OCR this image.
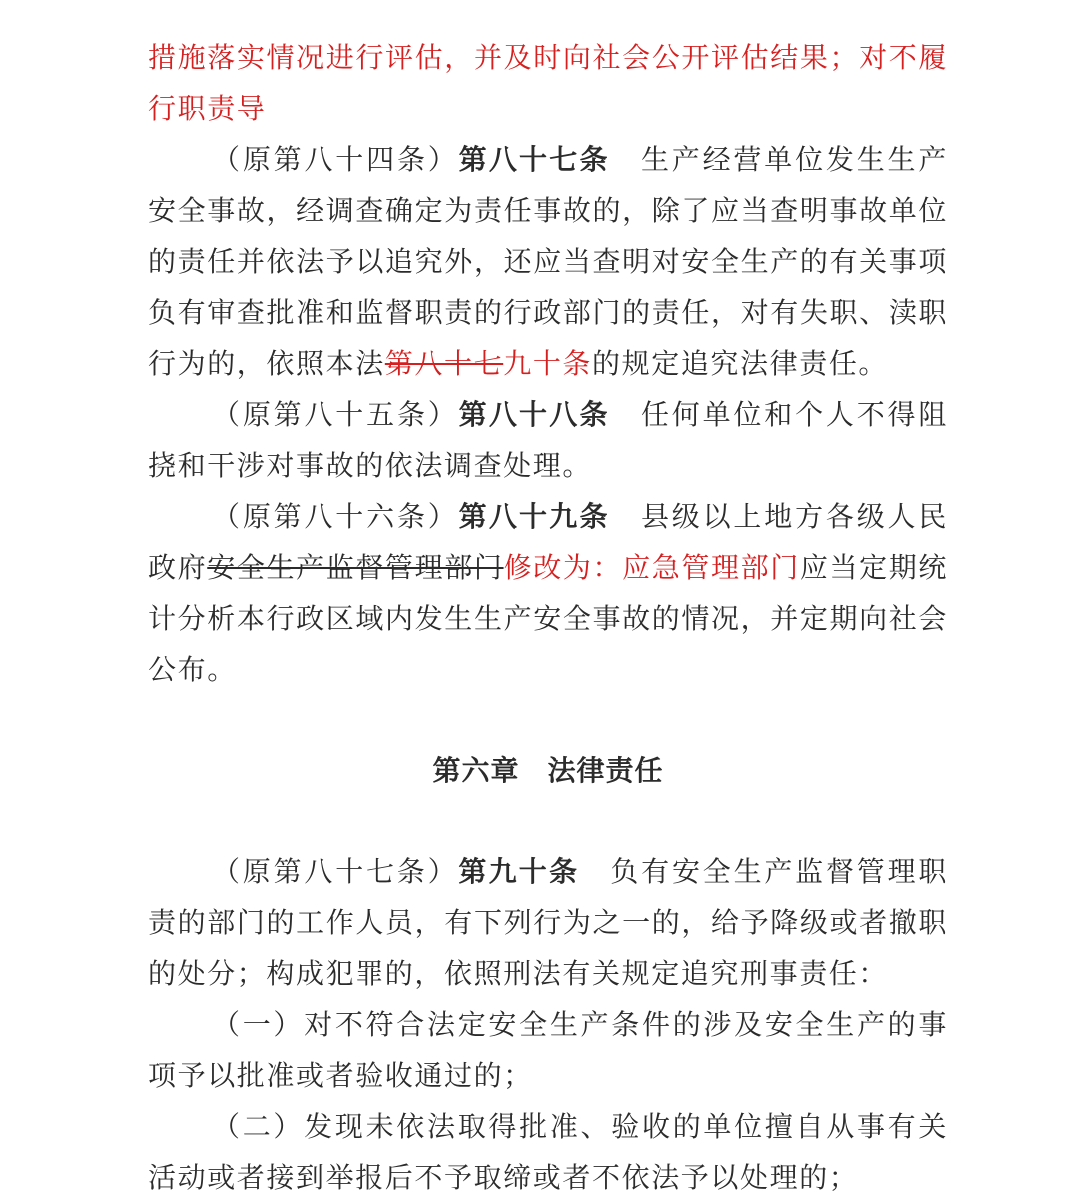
措施落实情况进行评估，并及时向社会公开评估结果；对不履行职责导

（原第八十四条）第八十七条 生产经营单位发生生产安全事故，经调查确定为责任事故的，除了应当查明事故单位的责任并依法予以追究外，还应当查明对安全生产的有关事项负有审查批准和监督职责的行政部门的责任，对有失职、渎职行为的，依照本法第八十七九十条的规定追究法律责任。

（原第八十五条）第八十八条 任何单位和个人不得阻挠和干涉对事故的依法调查处理。

（原第八十六条）第八十九条 县级以上地方各级人民政府安全生产监督管理部门修改为：应急管理部门应当定期统计分析本行政区域内发生生产安全事故的情况，并定期向社会公布。

第六章 法律责任

（原第八十七条）第九十条 负有安全生产监督管理职责的部门的工作人员，有下列行为之一的，给予降级或者撤职的处分；构成犯罪的，依照刑法有关规定追究刑事责任：

（一）对不符合法定安全生产条件的涉及安全生产的事项予以批准或者验收通过的；

（二）发现未依法取得批准、验收的单位擅自从事有关活动或者接到举报后不予取缔或者不依法予以处理的；
